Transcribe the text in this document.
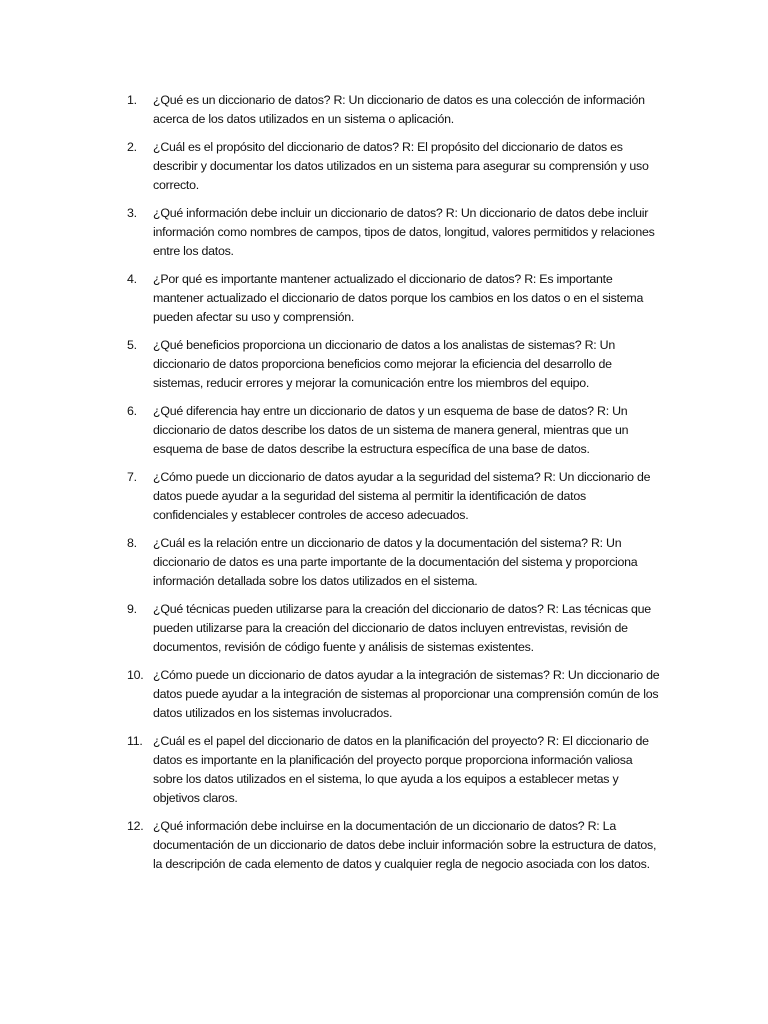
1.	¿Qué es un diccionario de datos? R: Un diccionario de datos es una colección de información acerca de los datos utilizados en un sistema o aplicación.
2.	¿Cuál es el propósito del diccionario de datos? R: El propósito del diccionario de datos es describir y documentar los datos utilizados en un sistema para asegurar su comprensión y uso correcto.
3.	¿Qué información debe incluir un diccionario de datos? R: Un diccionario de datos debe incluir información como nombres de campos, tipos de datos, longitud, valores permitidos y relaciones entre los datos.
4.	¿Por qué es importante mantener actualizado el diccionario de datos? R: Es importante mantener actualizado el diccionario de datos porque los cambios en los datos o en el sistema pueden afectar su uso y comprensión.
5.	¿Qué beneficios proporciona un diccionario de datos a los analistas de sistemas? R: Un diccionario de datos proporciona beneficios como mejorar la eficiencia del desarrollo de sistemas, reducir errores y mejorar la comunicación entre los miembros del equipo.
6.	¿Qué diferencia hay entre un diccionario de datos y un esquema de base de datos? R: Un diccionario de datos describe los datos de un sistema de manera general, mientras que un esquema de base de datos describe la estructura específica de una base de datos.
7.	¿Cómo puede un diccionario de datos ayudar a la seguridad del sistema? R: Un diccionario de datos puede ayudar a la seguridad del sistema al permitir la identificación de datos confidenciales y establecer controles de acceso adecuados.
8.	¿Cuál es la relación entre un diccionario de datos y la documentación del sistema? R: Un diccionario de datos es una parte importante de la documentación del sistema y proporciona información detallada sobre los datos utilizados en el sistema.
9.	¿Qué técnicas pueden utilizarse para la creación del diccionario de datos? R: Las técnicas que pueden utilizarse para la creación del diccionario de datos incluyen entrevistas, revisión de documentos, revisión de código fuente y análisis de sistemas existentes.
10. ¿Cómo puede un diccionario de datos ayudar a la integración de sistemas? R: Un diccionario de datos puede ayudar a la integración de sistemas al proporcionar una comprensión común de los datos utilizados en los sistemas involucrados.
11. ¿Cuál es el papel del diccionario de datos en la planificación del proyecto? R: El diccionario de datos es importante en la planificación del proyecto porque proporciona información valiosa sobre los datos utilizados en el sistema, lo que ayuda a los equipos a establecer metas y objetivos claros.
12. ¿Qué información debe incluirse en la documentación de un diccionario de datos? R: La documentación de un diccionario de datos debe incluir información sobre la estructura de datos, la descripción de cada elemento de datos y cualquier regla de negocio asociada con los datos.
